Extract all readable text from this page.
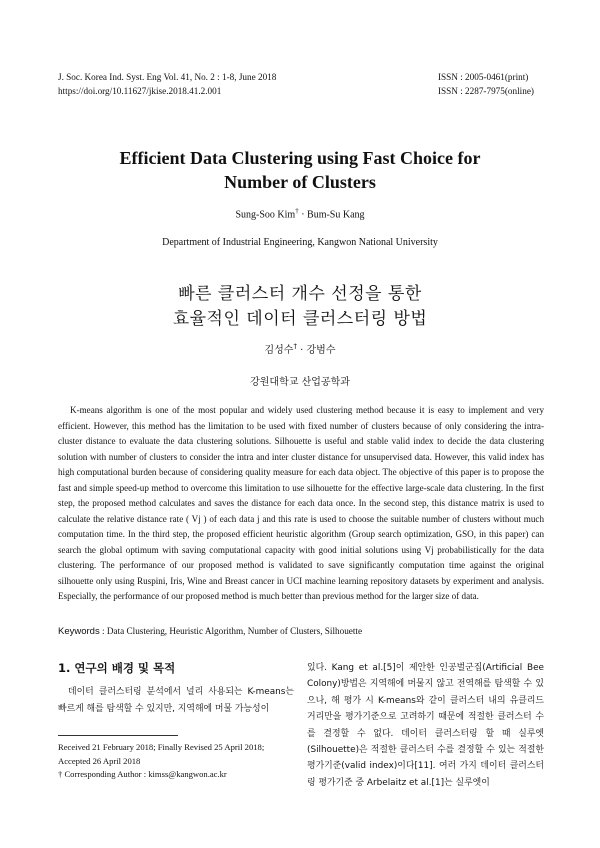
J. Soc. Korea Ind. Syst. Eng Vol. 41, No. 2 : 1-8, June 2018
https://doi.org/10.11627/jkise.2018.41.2.001
ISSN : 2005-0461(print)
ISSN : 2287-7975(online)
Efficient Data Clustering using Fast Choice for
Number of Clusters
Sung-Soo Kim† · Bum-Su Kang
Department of Industrial Engineering, Kangwon National University
빠른 클러스터 개수 선정을 통한
효율적인 데이터 클러스터링 방법
김성수† · 강범수
강원대학교 산업공학과
K-means algorithm is one of the most popular and widely used clustering method because it is easy to implement and very efficient. However, this method has the limitation to be used with fixed number of clusters because of only considering the intra-cluster distance to evaluate the data clustering solutions. Silhouette is useful and stable valid index to decide the data clustering solution with number of clusters to consider the intra and inter cluster distance for unsupervised data. However, this valid index has high computational burden because of considering quality measure for each data object. The objective of this paper is to propose the fast and simple speed-up method to overcome this limitation to use silhouette for the effective large-scale data clustering. In the first step, the proposed method calculates and saves the distance for each data once. In the second step, this distance matrix is used to calculate the relative distance rate ( Vj ) of each data j and this rate is used to choose the suitable number of clusters without much computation time. In the third step, the proposed efficient heuristic algorithm (Group search optimization, GSO, in this paper) can search the global optimum with saving computational capacity with good initial solutions using Vj probabilistically for the data clustering. The performance of our proposed method is validated to save significantly computation time against the original silhouette only using Ruspini, Iris, Wine and Breast cancer in UCI machine learning repository datasets by experiment and analysis. Especially, the performance of our proposed method is much better than previous method for the larger size of data.
Keywords : Data Clustering, Heuristic Algorithm, Number of Clusters, Silhouette
1. 연구의 배경 및 목적
데이터 클러스터링 분석에서 널리 사용되는 K-means는 빠르게 해를 탐색할 수 있지만, 지역해에 머물 가능성이
있다. Kang et al.[5]이 제안한 인공벌군집(Artificial Bee Colony)방법은 지역해에 머물지 않고 전역해를 탐색할 수 있으나, 해 평가 시 K-means와 같이 클러스터 내의 유클리드 거리만을 평가기준으로 고려하기 때문에 적절한 클러스터 수를 결정할 수 없다. 데이터 클러스터링 할 때 실루엣(Silhouette)은 적절한 클러스터 수를 결정할 수 있는 적절한 평가기준(valid index)이다[11]. 여러 가지 데이터 클러스터링 평가기준 중 Arbelaitz et al.[1]는 실루엣이
Received 21 February 2018; Finally Revised 25 April 2018;
Accepted 26 April 2018
† Corresponding Author : kimss@kangwon.ac.kr
